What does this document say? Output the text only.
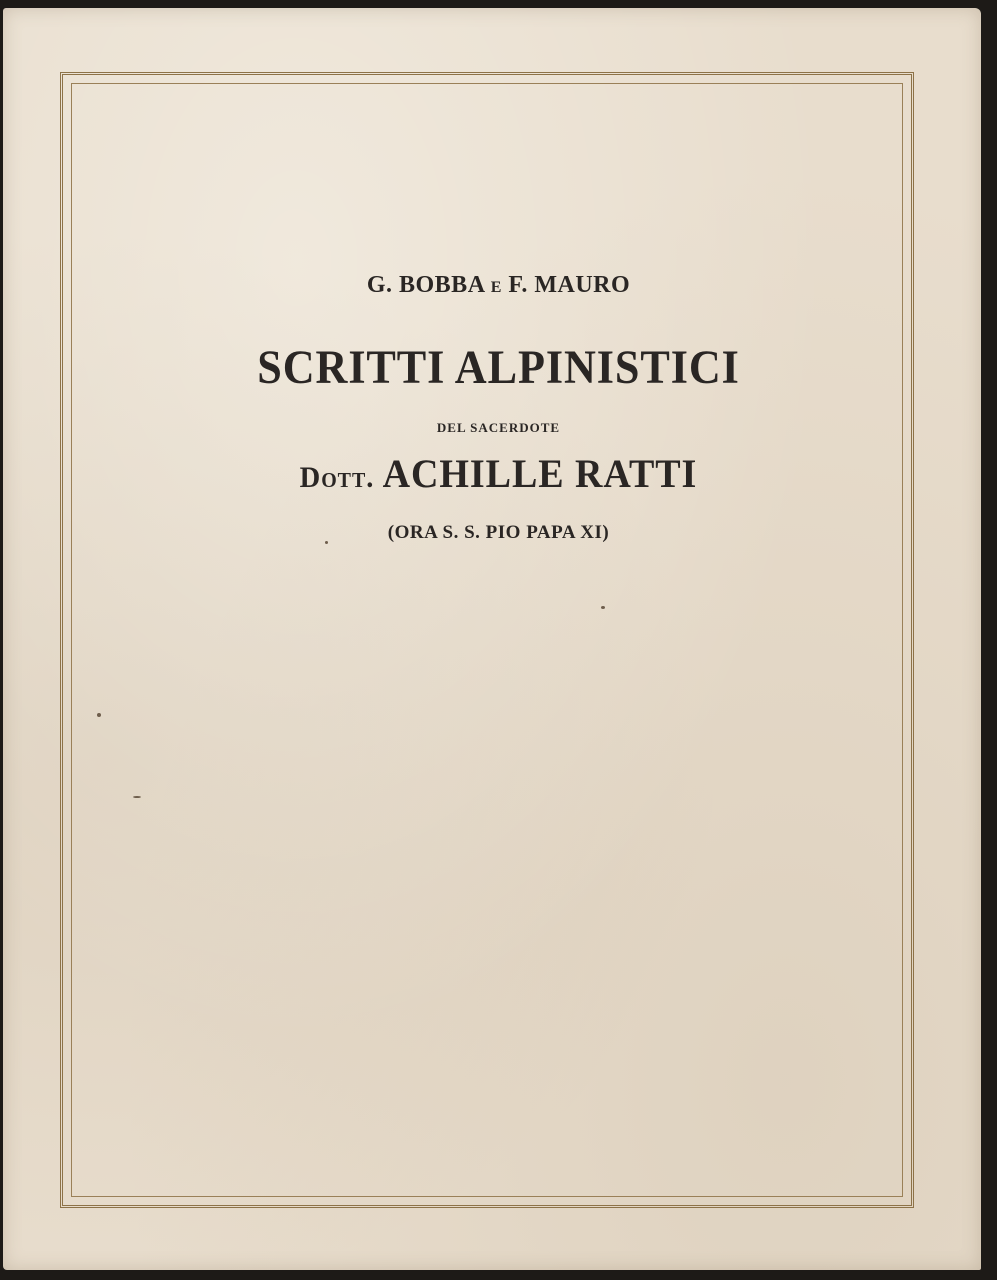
G. BOBBA E F. MAURO
SCRITTI ALPINISTICI
DEL SACERDOTE
Dott. ACHILLE RATTI
(ORA S. S. PIO PAPA XI)
